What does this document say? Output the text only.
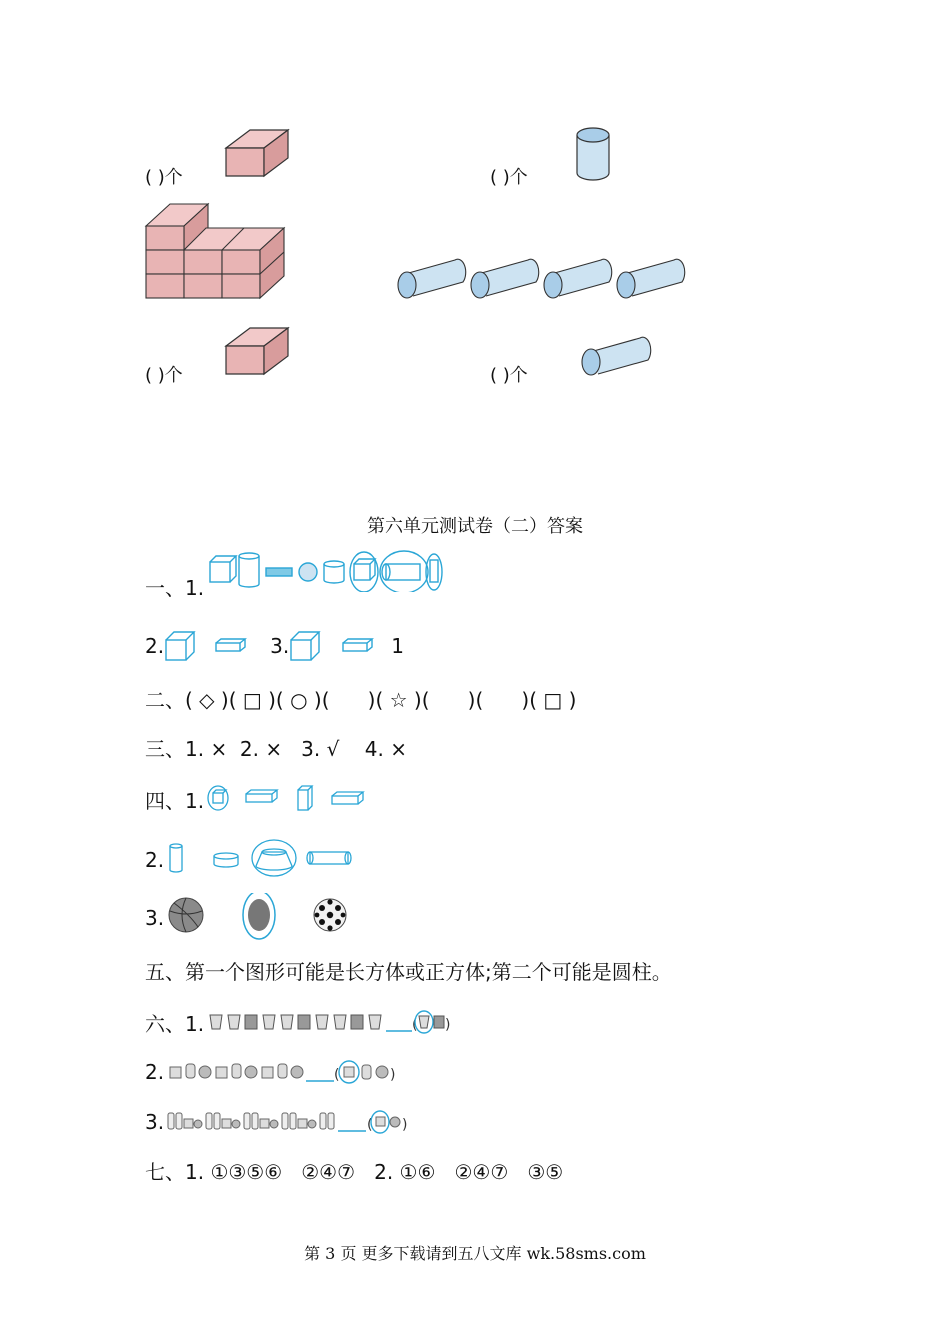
( )个	( )个
( )个	( )个
第六单元测试卷（二）答案
一、1.
2.	3.	1
二、( ◇ )( □ )( ○ )(      )( ☆ )(      )(      )( □ )
三、1. ×  2. ×   3. √    4. ×
四、1.
2.
3.
五、第一个图形可能是长方体或正方体;第二个可能是圆柱。
六、1.	( )
2.	(	)
3.	( )
七、1. ①③⑤⑥   ②④⑦   2. ①⑥   ②④⑦   ③⑤
第 3 页 更多下载请到五八文库 wk.58sms.com
